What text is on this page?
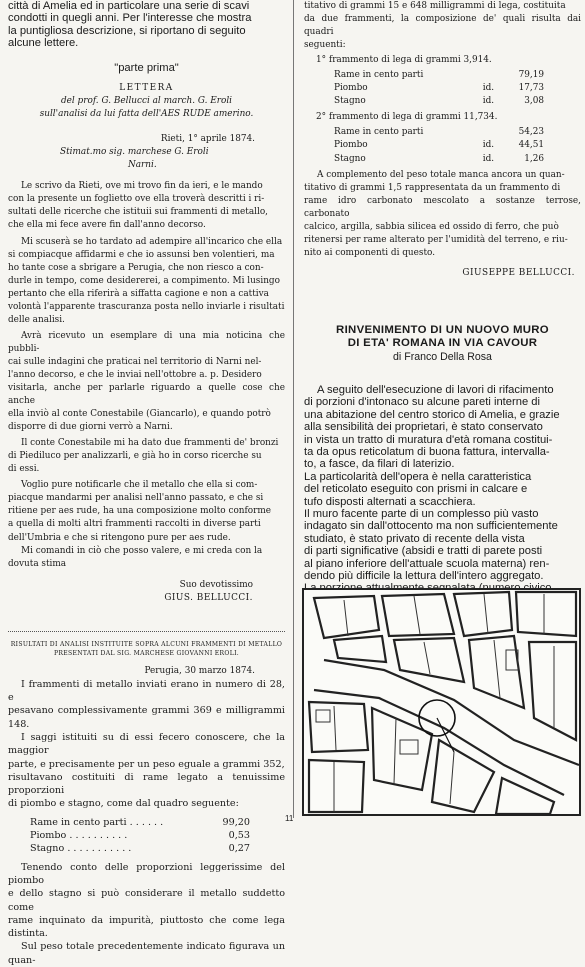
città di Amelia ed in particolare una serie di scavi

condotti in quegli anni. Per l'interesse che mostra

la puntigliosa descrizione, si riportano di seguito

alcune lettere.

"parte prima"

LETTERA

del prof. G. Bellucci al march. G. Eroli

sull'analisi da lui fatta dell'AES RUDE amerino.

Rieti, 1° aprile 1874.

Stimat.mo sig. marchese G. Eroli

Narni.

Le scrivo da Rieti, ove mi trovo fin da ieri, e le mando

con la presente un foglietto ove ella troverà descritti i ri-

sultati delle ricerche che istituii sui frammenti di metallo,

che ella mi fece avere fin dall'anno decorso.

Mi scuserà se ho tardato ad adempire all'incarico che ella

si compiacque affidarmi e che io assunsi ben volentieri, ma

ho tante cose a sbrigare a Perugia, che non riesco a con-

durle in tempo, come desidererei, a compimento. Mi lusingo

pertanto che ella riferirà a siffatta cagione e non a cattiva

volontà l'apparente trascuranza posta nello inviarle i risultati

delle analisi.

Avrà ricevuto un esemplare di una mia noticina che pubbli-

cai sulle indagini che praticai nel territorio di Narni nel-

l'anno decorso, e che le inviai nell'ottobre a. p. Desidero

visitarla, anche per parlarle riguardo a quelle cose che anche

ella inviò al conte Conestabile (Giancarlo), e quando potrò

disporre di due giorni verrò a Narni.

Il conte Conestabile mi ha dato due frammenti de' bronzi

di Piediluco per analizzarli, e già ho in corso ricerche su

di essi.

Voglio pure notificarle che il metallo che ella si com-

piacque mandarmi per analisi nell'anno passato, e che si

ritiene per aes rude, ha una composizione molto conforme

a quella di molti altri frammenti raccolti in diverse parti

dell'Umbria e che si ritengono pure per aes rude.

Mi comandi in ciò che posso valere, e mi creda con la

dovuta stima

Suo devotissimo

GIUS. BELLUCCI.

RISULTATI DI ANALISI INSTITUITE SOPRA ALCUNI FRAMMENTI DI METALLO

PRESENTATI DAL SIG. MARCHESE GIOVANNI EROLI.

Perugia, 30 marzo 1874.

I frammenti di metallo inviati erano in numero di 28, e

pesavano complessivamente grammi 369 e milligrammi 148.

I saggi istituiti su di essi fecero conoscere, che la maggior

parte, e precisamente per un peso eguale a grammi 352,

risultavano costituiti di rame legato a tenuissime proporzioni

di piombo e stagno, come dal quadro seguente:

Rame in cento parti . . . . . .	99,20
Piombo . . . . . . . . . .	0,53
Stagno . . . . . . . . . . .	0,27

Tenendo conto delle proporzioni leggerissime del piombo

e dello stagno si può considerare il metallo suddetto come

rame inquinato da impurità, piuttosto che come lega distinta.

Sul peso totale precedentemente indicato figurava un quan-

titativo di grammi 15 e 648 milligrammi di lega, costituita

da due frammenti, la composizione de' quali risulta dai quadri

seguenti:

1° frammento di lega di grammi 3,914.

Rame in cento parti		79,19
Piombo	id.	17,73
Stagno	id.	3,08

2° frammento di lega di grammi 11,734.

Rame in cento parti		54,23
Piombo	id.	44,51
Stagno	id.	1,26

A complemento del peso totale manca ancora un quan-

titativo di grammi 1,5 rappresentata da un frammento di

rame idro carbonato mescolato a sostanze terrose, carbonato

calcico, argilla, sabbia silicea ed ossido di ferro, che può

ritenersi per rame alterato per l'umidità del terreno, e riu-

nito ai componenti di questo.

GIUSEPPE BELLUCCI.

RINVENIMENTO DI UN NUOVO MURO

DI ETA' ROMANA IN VIA CAVOUR

di Franco Della Rosa

A seguito dell'esecuzione di lavori di rifacimento

di porzioni d'intonaco su alcune pareti interne di

una abitazione del centro storico di Amelia, e grazie

alla sensibilità dei proprietari, è stato conservato

in vista un tratto di muratura d'età romana costitui-

ta da opus reticolatum di buona fattura, intervalla-

to, a fasce, da filari di laterizio.

La particolarità dell'opera è nella caratteristica

del reticolato eseguito con prismi in calcare e

tufo disposti alternati a scacchiera.

Il muro facente parte di un complesso più vasto

indagato sin dall'ottocento ma non sufficientemente

studiato, è stato privato di recente della vista

di parti significative (absidi e tratti di parete posti

al piano inferiore dell'attuale scuola materna) ren-

dendo più difficile la lettura dell'intero aggregato.

11
